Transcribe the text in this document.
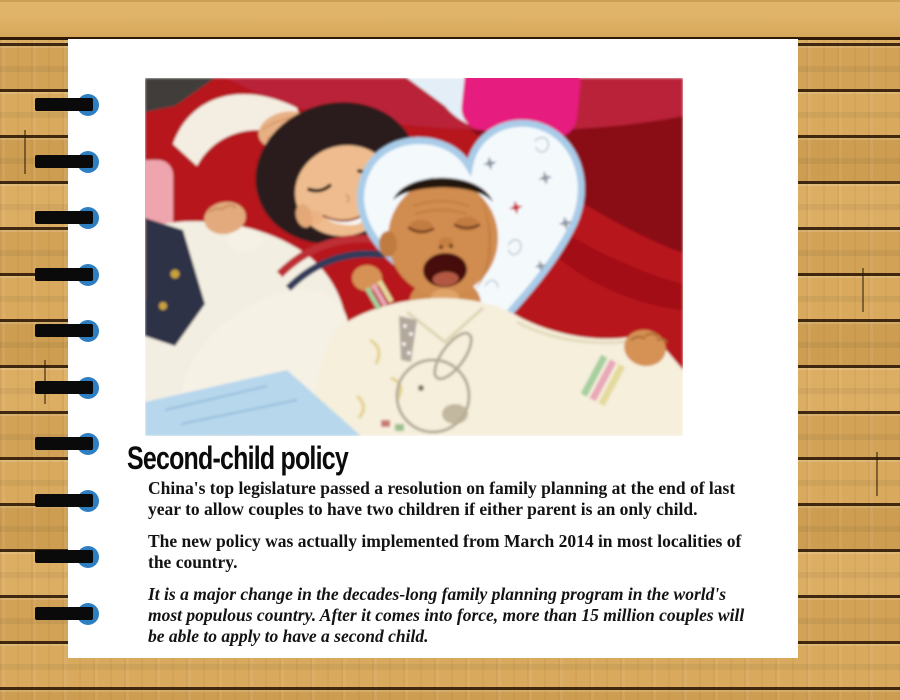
Second-child policy

China's top legislature passed a resolution on family planning at the end of last year to allow couples to have two children if either parent is an only child.

The new policy was actually implemented from March 2014 in most localities of the country.

It is a major change in the decades-long family planning program in the world's most populous country. After it comes into force, more than 15 million couples will be able to apply to have a second child.
